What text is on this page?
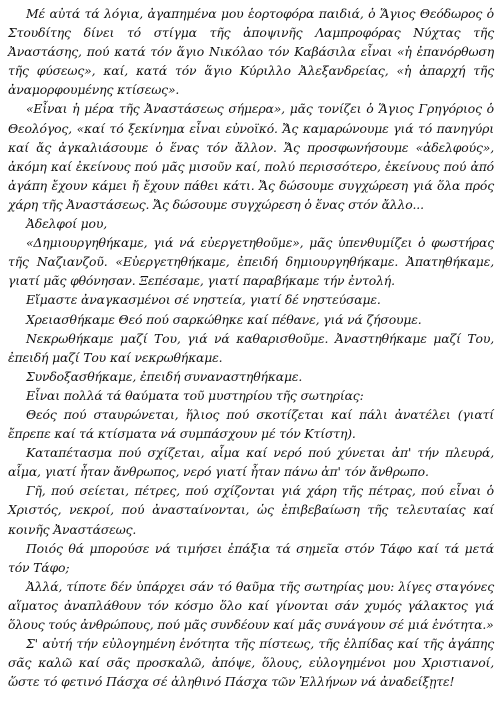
Μέ αὐτά τά λόγια, ἀγαπημένα μου ἑορτοφόρα παιδιά, ὁ Ἅγιος Θεόδωρος ὁ Στουδίτης δίνει τό στίγμα τῆς ἀποψινῆς Λαμπροφόρας Νύχτας τῆς Ἀναστάσης, πού κατά τόν ἅγιο Νικόλαο τόν Καβάσιλα εἶναι «ἡ ἐπανόρθωση τῆς φύσεως», καί, κατά τόν ἅγιο Κύριλλο Ἀλεξανδρείας, «ἡ ἀπαρχή τῆς ἀναμορφουμένης κτίσεως».

«Εἶναι ἡ μέρα τῆς Ἀναστάσεως σήμερα», μᾶς τονίζει ὁ Ἅγιος Γρηγόριος ὁ Θεολόγος, «καί τό ξεκίνημα εἶναι εὐνοϊκό. Ἄς καμαρώνουμε γιά τό πανηγύρι καί ἄς ἀγκαλιάσουμε ὁ ἕνας τόν ἄλλον. Ἄς προσφωνήσουμε «ἀδελφούς», ἀκόμη καί ἐκείνους πού μᾶς μισοῦν καί, πολύ περισσότερο, ἐκείνους πού ἀπό ἀγάπη ἔχουν κάμει ἤ ἔχουν πάθει κάτι. Ἄς δώσουμε συγχώρεση γιά ὅλα πρός χάρη τῆς Ἀναστάσεως. Ἄς δώσουμε συγχώρεση ὁ ἕνας στόν ἄλλο...

Ἀδελφοί μου,

«Δημιουργηθήκαμε, γιά νά εὐεργετηθοῦμε», μᾶς ὑπενθυμίζει ὁ φωστήρας τῆς Ναζιανζοῦ. «Εὐεργετηθήκαμε, ἐπειδή δημιουργηθήκαμε. Ἀπατηθήκαμε, γιατί μᾶς φθόνησαν. Ξεπέσαμε, γιατί παραβήκαμε τήν ἐντολή.

Εἴμαστε ἀναγκασμένοι σέ νηστεία, γιατί δέ νηστεύσαμε.

Χρειασθήκαμε Θεό πού σαρκώθηκε καί πέθανε, γιά νά ζήσουμε.

Νεκρωθήκαμε μαζί Του, γιά νά καθαρισθοῦμε. Ἀναστηθήκαμε μαζί Του, ἐπειδή μαζί Του καί νεκρωθήκαμε.

Συνδοξασθήκαμε, ἐπειδή συναναστηθήκαμε.

Εἶναι πολλά τά θαύματα τοῦ μυστηρίου τῆς σωτηρίας:

Θεός πού σταυρώνεται, ἥλιος πού σκοτίζεται καί πάλι ἀνατέλει (γιατί ἔπρεπε καί τά κτίσματα νά συμπάσχουν μέ τόν Κτίστη).

Καταπέτασμα πού σχίζεται, αἷμα καί νερό πού χύνεται ἀπ' τήν πλευρά, αἷμα, γιατί ἦταν ἄνθρωπος, νερό γιατί ἦταν πάνω ἀπ' τόν ἄνθρωπο.

Γῆ, πού σείεται, πέτρες, πού σχίζονται γιά χάρη τῆς πέτρας, πού εἶναι ὁ Χριστός, νεκροί, πού ἀνασταίνονται, ὡς ἐπιβεβαίωση τῆς τελευταίας καί κοινῆς Ἀναστάσεως.

Ποιός θά μπορούσε νά τιμήσει ἐπάξια τά σημεῖα στόν Τάφο καί τά μετά τόν Τάφο;

Ἀλλά, τίποτε δέν ὑπάρχει σάν τό θαῦμα τῆς σωτηρίας μου: λίγες σταγόνες αἵματος ἀναπλάθουν τόν κόσμο ὅλο καί γίνονται σάν χυμός γάλακτος γιά ὅλους τούς ἀνθρώπους, πού μᾶς συνδέουν καί μᾶς συνάγουν σέ μιά ἑνότητα.»

Σ' αὐτή τήν εὐλογημένη ἑνότητα τῆς πίστεως, τῆς ἐλπίδας καί τῆς ἀγάπης σᾶς καλῶ καί σᾶς προσκαλῶ, ἀπόψε, ὅλους, εὐλογημένοι μου Χριστιανοί, ὥστε τό φετινό Πάσχα σέ ἀληθινό Πάσχα τῶν Ἑλλήνων νά ἀναδείξῃτε!
